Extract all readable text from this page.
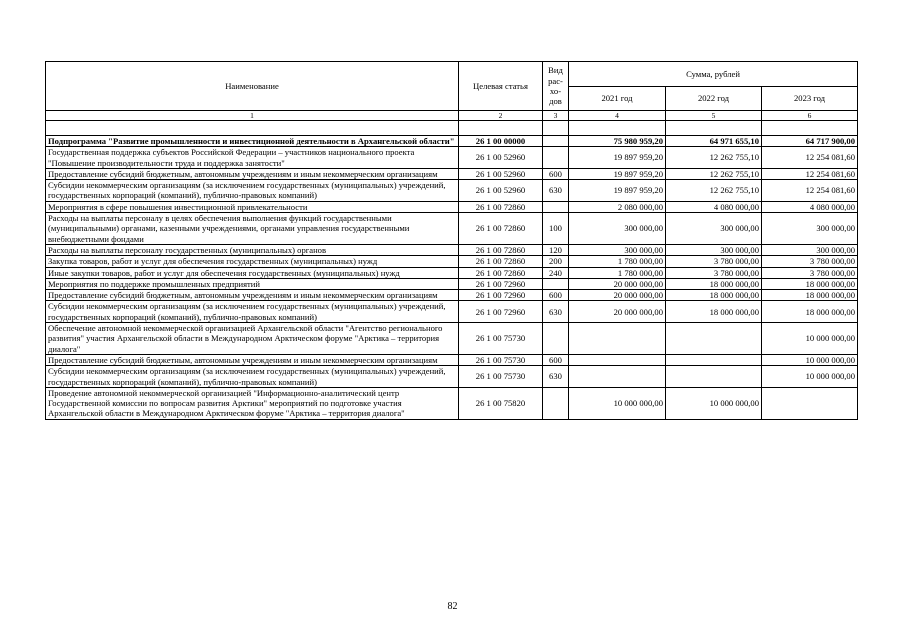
Наименование	Целевая статья	Вид рас-хо-дов	Сумма, рублей		
			2021 год	2022 год	2023 год
1	2	3	4	5	6

Подпрограмма "Развитие промышленности и инвестиционной деятельности в Архангельской области"	26 1 00 00000		75 980 959,20	64 971 655,10	64 717 900,00
Государственная поддержка субъектов Российской Федерации – участников национального проекта "Повышение производительности труда и поддержка занятости"	26 1 00 52960		19 897 959,20	12 262 755,10	12 254 081,60
Предоставление субсидий бюджетным, автономным учреждениям и иным некоммерческим организациям	26 1 00 52960	600	19 897 959,20	12 262 755,10	12 254 081,60
Субсидии некоммерческим организациям (за исключением государственных (муниципальных) учреждений, государственных корпораций (компаний), публично-правовых компаний)	26 1 00 52960	630	19 897 959,20	12 262 755,10	12 254 081,60
Мероприятия в сфере повышения инвестиционной привлекательности	26 1 00 72860		2 080 000,00	4 080 000,00	4 080 000,00
Расходы на выплаты персоналу в целях обеспечения выполнения функций государственными (муниципальными) органами, казенными учреждениями, органами управления государственными внебюджетными фондами	26 1 00 72860	100	300 000,00	300 000,00	300 000,00
Расходы на выплаты персоналу государственных (муниципальных) органов	26 1 00 72860	120	300 000,00	300 000,00	300 000,00
Закупка товаров, работ и услуг для обеспечения государственных (муниципальных) нужд	26 1 00 72860	200	1 780 000,00	3 780 000,00	3 780 000,00
Иные закупки товаров, работ и услуг для обеспечения государственных (муниципальных) нужд	26 1 00 72860	240	1 780 000,00	3 780 000,00	3 780 000,00
Мероприятия по поддержке промышленных предприятий	26 1 00 72960		20 000 000,00	18 000 000,00	18 000 000,00
Предоставление субсидий бюджетным, автономным учреждениям и иным некоммерческим организациям	26 1 00 72960	600	20 000 000,00	18 000 000,00	18 000 000,00
Субсидии некоммерческим организациям (за исключением государственных (муниципальных) учреждений, государственных корпораций (компаний), публично-правовых компаний)	26 1 00 72960	630	20 000 000,00	18 000 000,00	18 000 000,00
Обеспечение автономной некоммерческой организацией Архангельской области "Агентство регионального развития" участия Архангельской области в Международном Арктическом форуме "Арктика – территория диалога"	26 1 00 75730				10 000 000,00
Предоставление субсидий бюджетным, автономным учреждениям и иным некоммерческим организациям	26 1 00 75730	600			10 000 000,00
Субсидии некоммерческим организациям (за исключением государственных (муниципальных) учреждений, государственных корпораций (компаний), публично-правовых компаний)	26 1 00 75730	630			10 000 000,00
Проведение автономной некоммерческой организацией "Информационно-аналитический центр Государственной комиссии по вопросам развития Арктики" мероприятий по подготовке участия Архангельской области в Международном Арктическом форуме "Арктика – территория диалога"	26 1 00 75820		10 000 000,00	10 000 000,00	
82
